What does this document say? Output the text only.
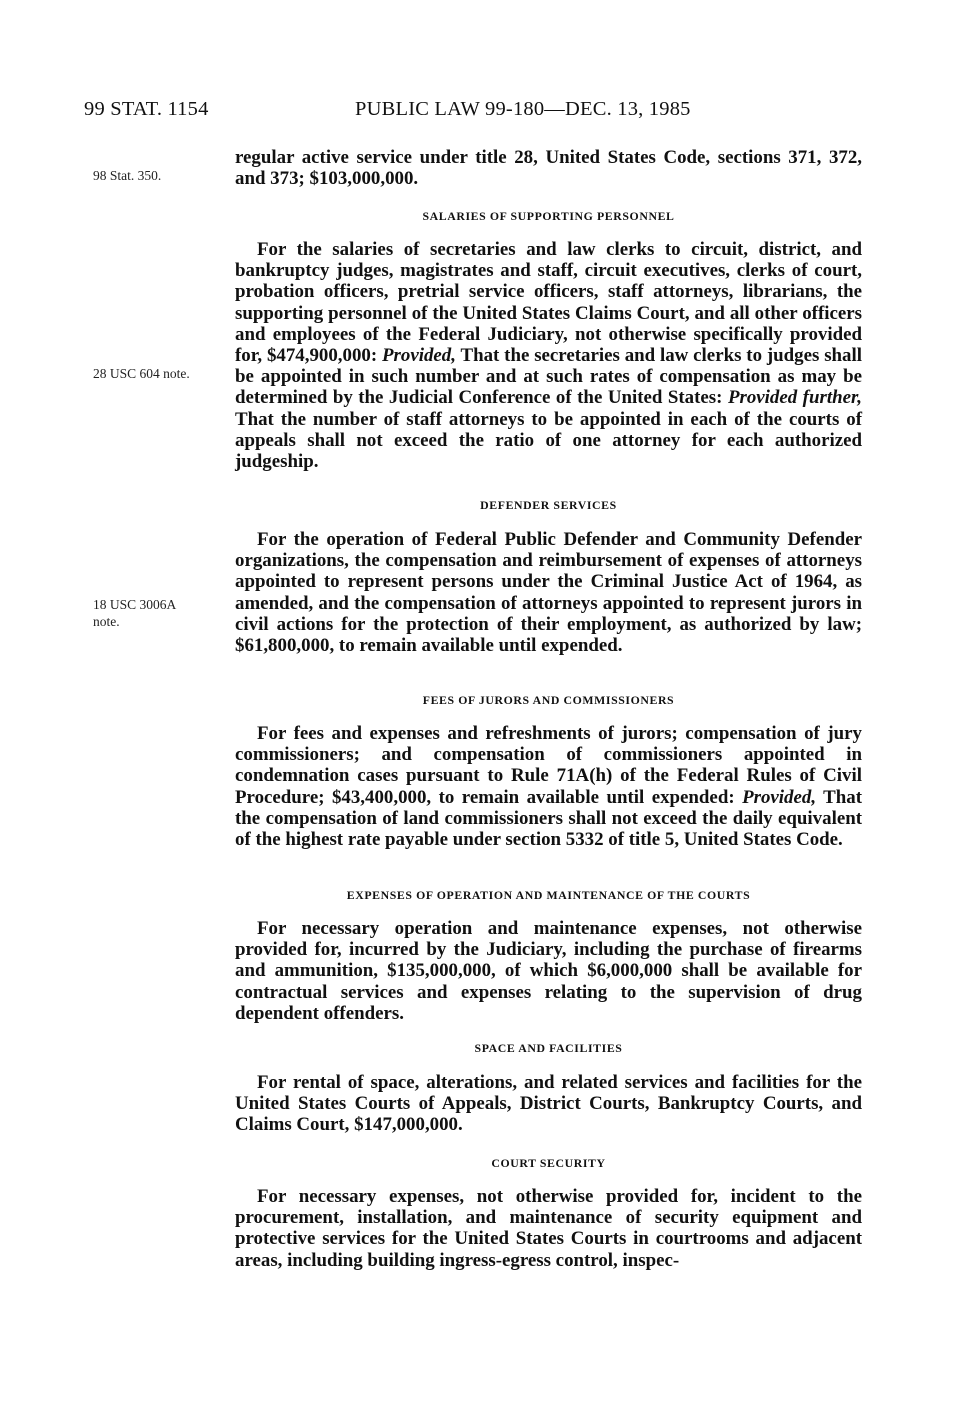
99 STAT. 1154	PUBLIC LAW 99-180—DEC. 13, 1985
98 Stat. 350.
28 USC 604 note.
18 USC 3006A
note.

regular active service under title 28, United States Code, sections 371, 372, and 373; $103,000,000.

SALARIES OF SUPPORTING PERSONNEL

For the salaries of secretaries and law clerks to circuit, district, and bankruptcy judges, magistrates and staff, circuit executives, clerks of court, probation officers, pretrial service officers, staff attorneys, librarians, the supporting personnel of the United States Claims Court, and all other officers and employees of the Federal Judiciary, not otherwise specifically provided for, $474,900,000: Provided, That the secretaries and law clerks to judges shall be appointed in such number and at such rates of compensation as may be determined by the Judicial Conference of the United States: Provided further, That the number of staff attorneys to be appointed in each of the courts of appeals shall not exceed the ratio of one attorney for each authorized judgeship.

DEFENDER SERVICES

For the operation of Federal Public Defender and Community Defender organizations, the compensation and reimbursement of expenses of attorneys appointed to represent persons under the Criminal Justice Act of 1964, as amended, and the compensation of attorneys appointed to represent jurors in civil actions for the protection of their employment, as authorized by law; $61,800,000, to remain available until expended.

FEES OF JURORS AND COMMISSIONERS

For fees and expenses and refreshments of jurors; compensation of jury commissioners; and compensation of commissioners appointed in condemnation cases pursuant to Rule 71A(h) of the Federal Rules of Civil Procedure; $43,400,000, to remain available until expended: Provided, That the compensation of land commissioners shall not exceed the daily equivalent of the highest rate payable under section 5332 of title 5, United States Code.

EXPENSES OF OPERATION AND MAINTENANCE OF THE COURTS

For necessary operation and maintenance expenses, not otherwise provided for, incurred by the Judiciary, including the purchase of firearms and ammunition, $135,000,000, of which $6,000,000 shall be available for contractual services and expenses relating to the supervision of drug dependent offenders.

SPACE AND FACILITIES

For rental of space, alterations, and related services and facilities for the United States Courts of Appeals, District Courts, Bankruptcy Courts, and Claims Court, $147,000,000.

COURT SECURITY

For necessary expenses, not otherwise provided for, incident to the procurement, installation, and maintenance of security equipment and protective services for the United States Courts in courtrooms and adjacent areas, including building ingress-egress control, inspec-
